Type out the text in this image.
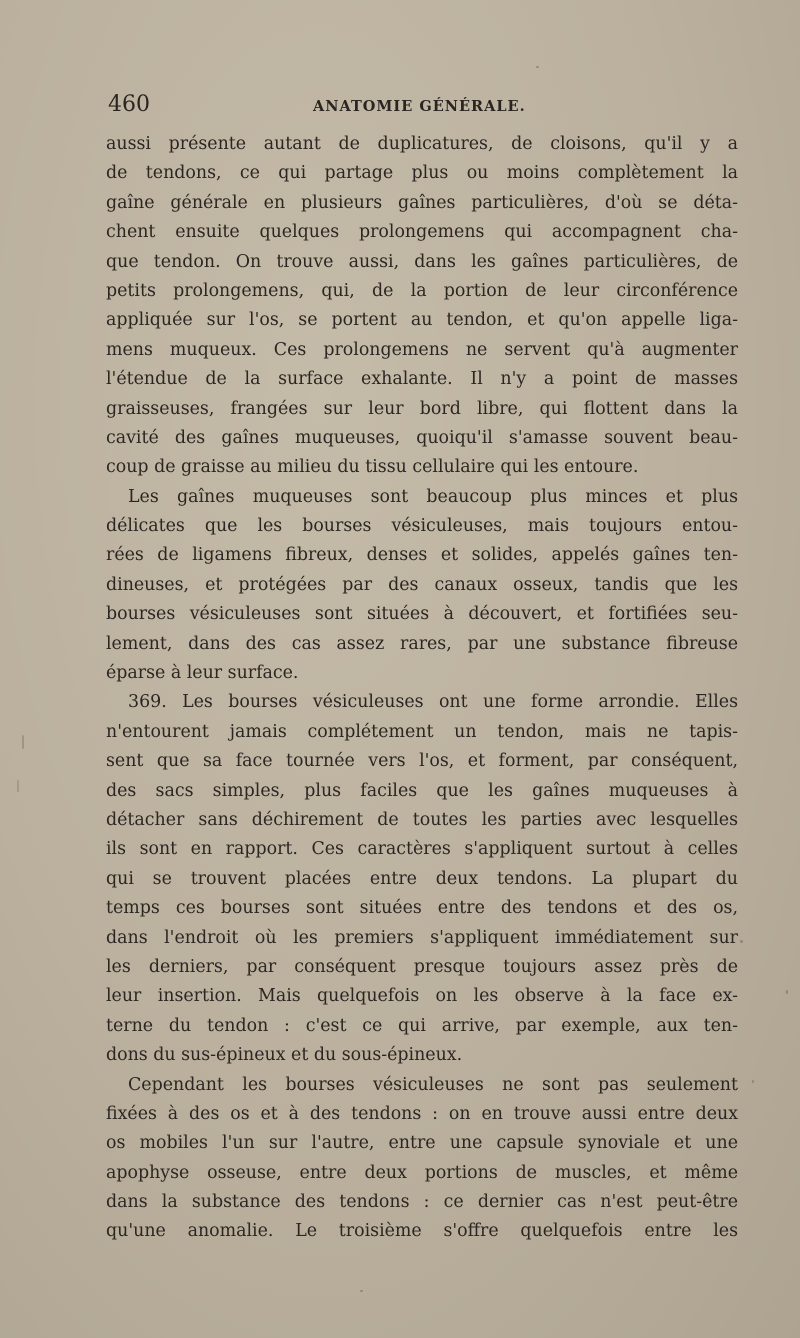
460	ANATOMIE GÉNÉRALE.
aussi présente autant de duplicatures, de cloisons, qu'il y a
de tendons, ce qui partage plus ou moins complètement la
gaîne générale en plusieurs gaînes particulières, d'où se déta-
chent ensuite quelques prolongemens qui accompagnent cha-
que tendon. On trouve aussi, dans les gaînes particulières, de
petits prolongemens, qui, de la portion de leur circonférence
appliquée sur l'os, se portent au tendon, et qu'on appelle liga-
mens muqueux. Ces prolongemens ne servent qu'à augmenter
l'étendue de la surface exhalante. Il n'y a point de masses
graisseuses, frangées sur leur bord libre, qui flottent dans la
cavité des gaînes muqueuses, quoiqu'il s'amasse souvent beau-
coup de graisse au milieu du tissu cellulaire qui les entoure.
Les gaînes muqueuses sont beaucoup plus minces et plus
délicates que les bourses vésiculeuses, mais toujours entou-
rées de ligamens fibreux, denses et solides, appelés gaînes ten-
dineuses, et protégées par des canaux osseux, tandis que les
bourses vésiculeuses sont situées à découvert, et fortifiées seu-
lement, dans des cas assez rares, par une substance fibreuse
éparse à leur surface.
369. Les bourses vésiculeuses ont une forme arrondie. Elles
n'entourent jamais complétement un tendon, mais ne tapis-
sent que sa face tournée vers l'os, et forment, par conséquent,
des sacs simples, plus faciles que les gaînes muqueuses à
détacher sans déchirement de toutes les parties avec lesquelles
ils sont en rapport. Ces caractères s'appliquent surtout à celles
qui se trouvent placées entre deux tendons. La plupart du
temps ces bourses sont situées entre des tendons et des os,
dans l'endroit où les premiers s'appliquent immédiatement sur
les derniers, par conséquent presque toujours assez près de
leur insertion. Mais quelquefois on les observe à la face ex-
terne du tendon : c'est ce qui arrive, par exemple, aux ten-
dons du sus-épineux et du sous-épineux.
Cependant les bourses vésiculeuses ne sont pas seulement
fixées à des os et à des tendons : on en trouve aussi entre deux
os mobiles l'un sur l'autre, entre une capsule synoviale et une
apophyse osseuse, entre deux portions de muscles, et même
dans la substance des tendons : ce dernier cas n'est peut-être
qu'une anomalie. Le troisième s'offre quelquefois entre les
